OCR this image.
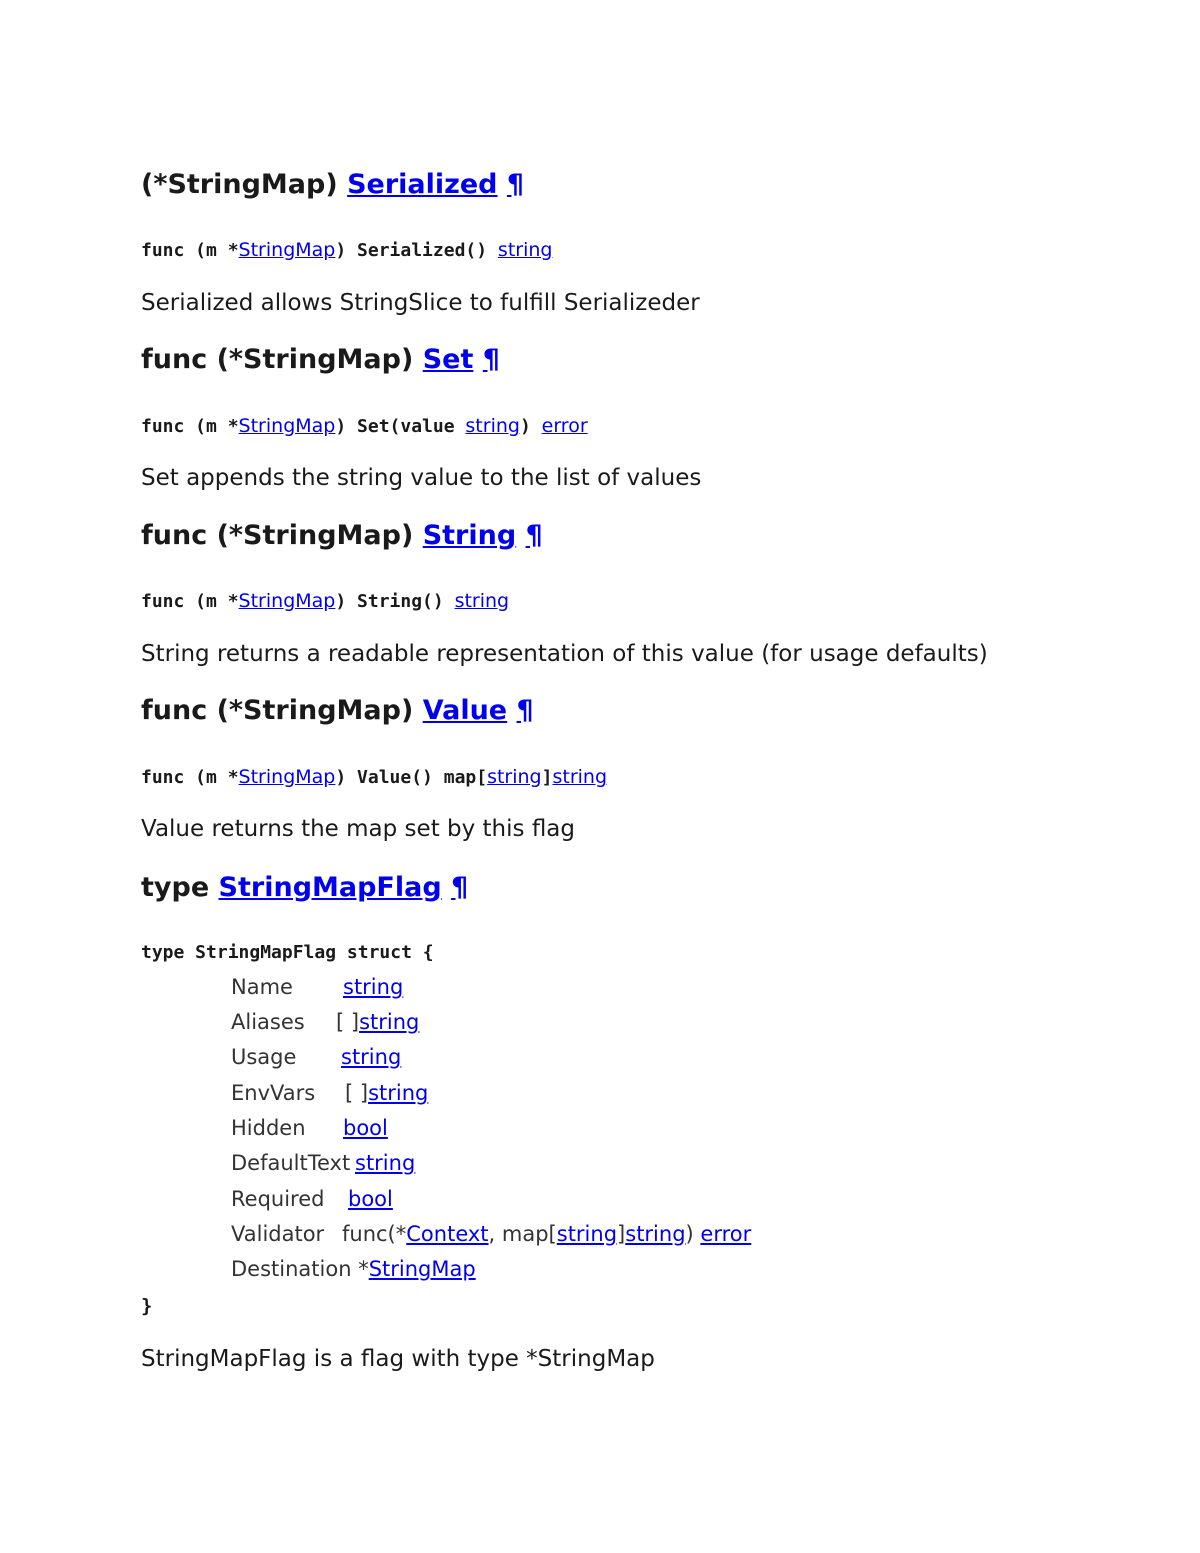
(*StringMap) Serialized ¶
func (m *StringMap) Serialized() string
Serialized allows StringSlice to fulfill Serializeder
func (*StringMap) Set ¶
func (m *StringMap) Set(value string) error
Set appends the string value to the list of values
func (*StringMap) String ¶
func (m *StringMap) String() string
String returns a readable representation of this value (for usage defaults)
func (*StringMap) Value ¶
func (m *StringMap) Value() map[string]string
Value returns the map set by this flag
type StringMapFlag ¶
type StringMapFlag struct {
Name string
Aliases [ ]string
Usage string
EnvVars [ ]string
Hidden bool
DefaultText string
Required bool
Validator func(*Context, map[string]string) error
Destination *StringMap
}
StringMapFlag is a flag with type *StringMap
